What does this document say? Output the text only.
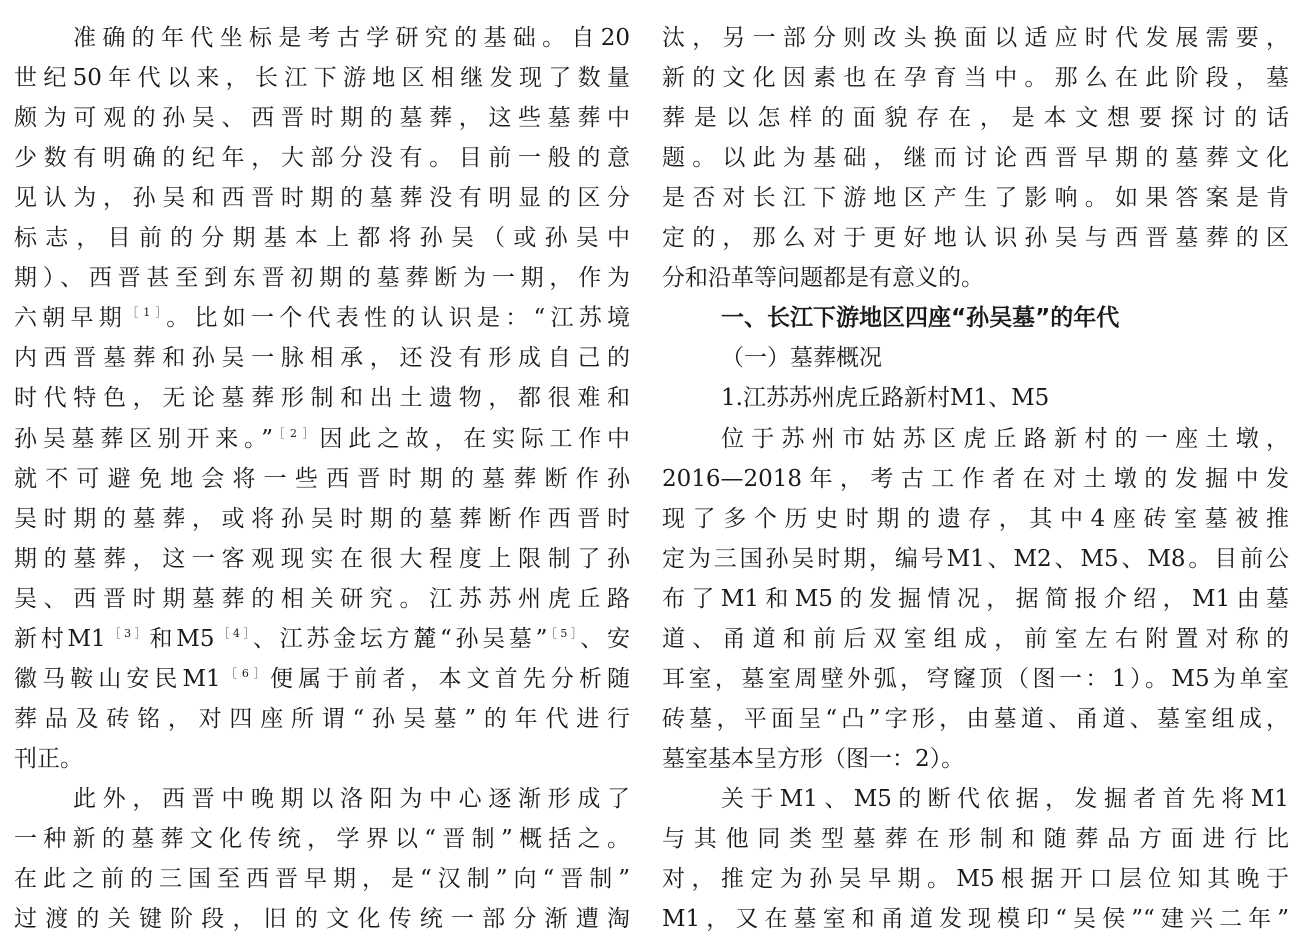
准确的年代坐标是考古学研究的基础。自20
世纪50年代以来，长江下游地区相继发现了数量
颇为可观的孙吴、西晋时期的墓葬，这些墓葬中
少数有明确的纪年，大部分没有。目前一般的意
见认为，孙吴和西晋时期的墓葬没有明显的区分
标志，目前的分期基本上都将孙吴（或孙吴中
期）、西晋甚至到东晋初期的墓葬断为一期，作为
六朝早期$^{[1]}$。比如一个代表性的认识是：“江苏境
内西晋墓葬和孙吴一脉相承，还没有形成自己的
时代特色，无论墓葬形制和出土遗物，都很难和
孙吴墓葬区别开来。”$^{[2]}$因此之故，在实际工作中
就不可避免地会将一些西晋时期的墓葬断作孙
吴时期的墓葬，或将孙吴时期的墓葬断作西晋时
期的墓葬，这一客观现实在很大程度上限制了孙
吴、西晋时期墓葬的相关研究。江苏苏州虎丘路
新村$M1^{[3]}$和$M5^{[4]}$、江苏金坛方麓“孙吴墓”$^{[5]}$、安
徽马鞍山安民$M1^{[6]}$便属于前者，本文首先分析随
葬品及砖铭，对四座所谓“孙吴墓”的年代进行
刊正。
此外，西晋中晚期以洛阳为中心逐渐形成了
一种新的墓葬文化传统，学界以“晋制”概括之。
在此之前的三国至西晋早期，是“汉制”向“晋制”
过渡的关键阶段，旧的文化传统一部分渐遭淘
汰，另一部分则改头换面以适应时代发展需要，
新的文化因素也在孕育当中。那么在此阶段，墓
葬是以怎样的面貌存在，是本文想要探讨的话
题。以此为基础，继而讨论西晋早期的墓葬文化
是否对长江下游地区产生了影响。如果答案是肯
定的，那么对于更好地认识孙吴与西晋墓葬的区
分和沿革等问题都是有意义的。
一、长江下游地区四座“孙吴墓”的年代
（一）墓葬概况
1.江苏苏州虎丘路新村M1、M5
位于苏州市姑苏区虎丘路新村的一座土墩，
2016—2018年，考古工作者在对土墩的发掘中发
现了多个历史时期的遗存，其中4座砖室墓被推
定为三国孙吴时期，编号M1、M2、M5、M8。目前公
布了M1和M5的发掘情况，据简报介绍，M1由墓
道、甬道和前后双室组成，前室左右附置对称的
耳室，墓室周壁外弧，穹窿顶（图一：1）。M5为单室
砖墓，平面呈“凸”字形，由墓道、甬道、墓室组成，
墓室基本呈方形（图一：2）。
关于M1、M5的断代依据，发掘者首先将M1
与其他同类型墓葬在形制和随葬品方面进行比
对，推定为孙吴早期。M5根据开口层位知其晚于
M1，又在墓室和甬道发现模印“吴侯”“建兴二年”
